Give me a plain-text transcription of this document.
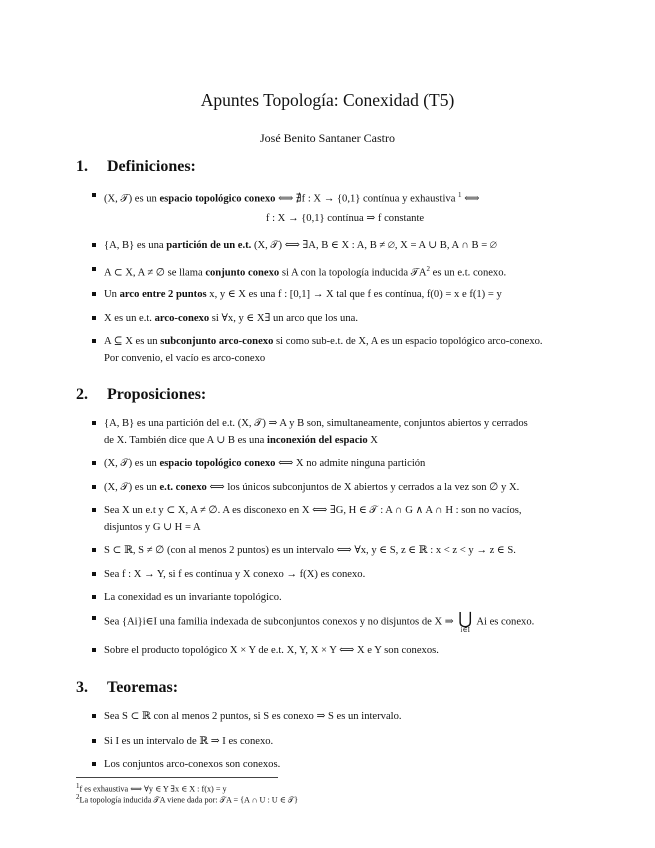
Apuntes Topología: Conexidad (T5)
José Benito Santaner Castro
1. Definiciones:
(X, 𝒯) es un espacio topológico conexo ⟺ ∄f : X → {0,1} contínua y exhaustiva $^1$ ⟺
f : X → {0,1} contínua ⇒ f constante
{A, B} es una partición de un e.t. (X, 𝒯) ⟺ ∃A, B ∈ X : A, B ≠ ∅, X = A ∪ B, A ∩ B = ∅
A ⊂ X, A ≠ ∅ se llama conjunto conexo si A con la topología inducida 𝒯A$^2$ es un e.t. conexo.
Un arco entre 2 puntos x, y ∈ X es una f : [0,1] → X tal que f es contínua, f(0) = x e f(1) = y
X es un e.t. arco-conexo si ∀x, y ∈ X∃ un arco que los una.
A ⊆ X es un subconjunto arco-conexo si como sub-e.t. de X, A es un espacio topológico arco-conexo.
Por convenio, el vacío es arco-conexo
2. Proposiciones:
{A, B} es una partición del e.t. (X, 𝒯) ⇒ A y B son, simultaneamente, conjuntos abiertos y cerrados
de X. También dice que A ∪ B es una inconexión del espacio X
(X, 𝒯) es un espacio topológico conexo ⟺ X no admite ninguna partición
(X, 𝒯) es un e.t. conexo ⟺ los únicos subconjuntos de X abiertos y cerrados a la vez son ∅ y X.
Sea X un e.t y ⊂ X, A ≠ ∅. A es disconexo en X ⟺ ∃G, H ∈ 𝒯 : A ∩ G ∧ A ∩ H : son no vacíos,
disjuntos y G ∪ H = A
S ⊂ ℝ, S ≠ ∅ (con al menos 2 puntos) es un intervalo ⟺ ∀x, y ∈ S, z ∈ ℝ : x < z < y → z ∈ S.
Sea f : X → Y, si f es contínua y X conexo → f(X) es conexo.
La conexidad es un invariante topológico.
Sea {Ai}i∈I una familia indexada de subconjuntos conexos y no disjuntos de X ⇒ ⋃
i∈I
Ai es conexo.
Sobre el producto topológico X × Y de e.t. X, Y, X × Y ⟺ X e Y son conexos.
3. Teoremas:
Sea S ⊂ ℝ con al menos 2 puntos, si S es conexo ⇒ S es un intervalo.
Si I es un intervalo de ℝ ⇒ I es conexo.
Los conjuntos arco-conexos son conexos.
$^1$f es exhaustiva ⟺ ∀y ∈ Y ∃x ∈ X : f(x) = y
$^2$La topología inducida 𝒯A viene dada por: 𝒯A = {A ∩ U : U ∈ 𝒯}
